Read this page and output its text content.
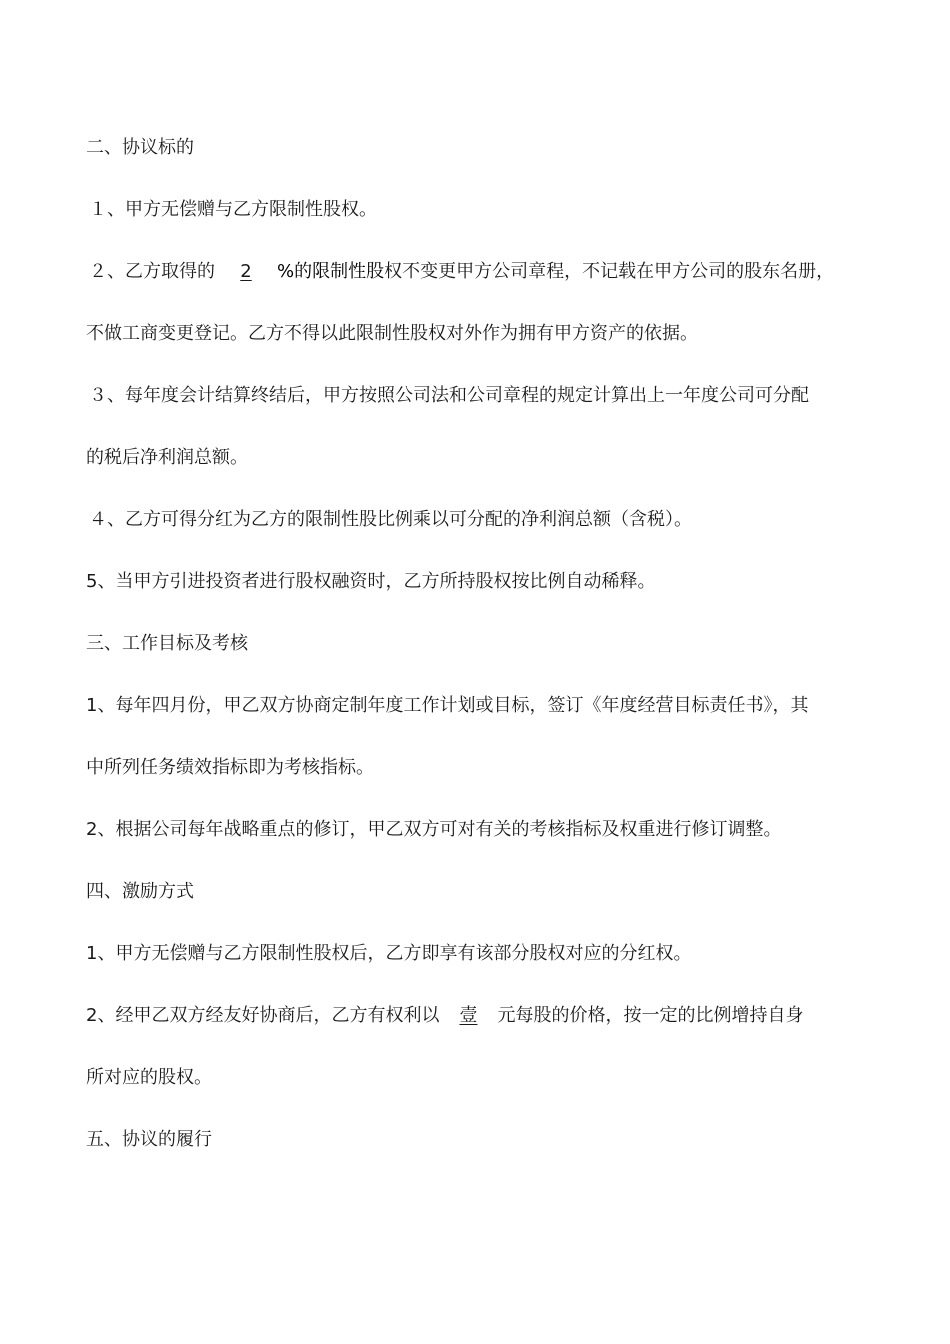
二、协议标的

１、甲方无偿赠与乙方限制性股权。

２、乙方取得的 2 %的限制性股权不变更甲方公司章程，不记载在甲方公司的股东名册，

不做工商变更登记。乙方不得以此限制性股权对外作为拥有甲方资产的依据。

３、每年度会计结算终结后，甲方按照公司法和公司章程的规定计算出上一年度公司可分配

的税后净利润总额。

４、乙方可得分红为乙方的限制性股比例乘以可分配的净利润总额（含税）。

5、当甲方引进投资者进行股权融资时，乙方所持股权按比例自动稀释。

三、工作目标及考核

1、每年四月份，甲乙双方协商定制年度工作计划或目标，签订《年度经营目标责任书》，其

中所列任务绩效指标即为考核指标。

2、根据公司每年战略重点的修订，甲乙双方可对有关的考核指标及权重进行修订调整。

四、激励方式

1、甲方无偿赠与乙方限制性股权后，乙方即享有该部分股权对应的分红权。

2、经甲乙双方经友好协商后，乙方有权利以 壹 元每股的价格，按一定的比例增持自身

所对应的股权。

五、协议的履行
